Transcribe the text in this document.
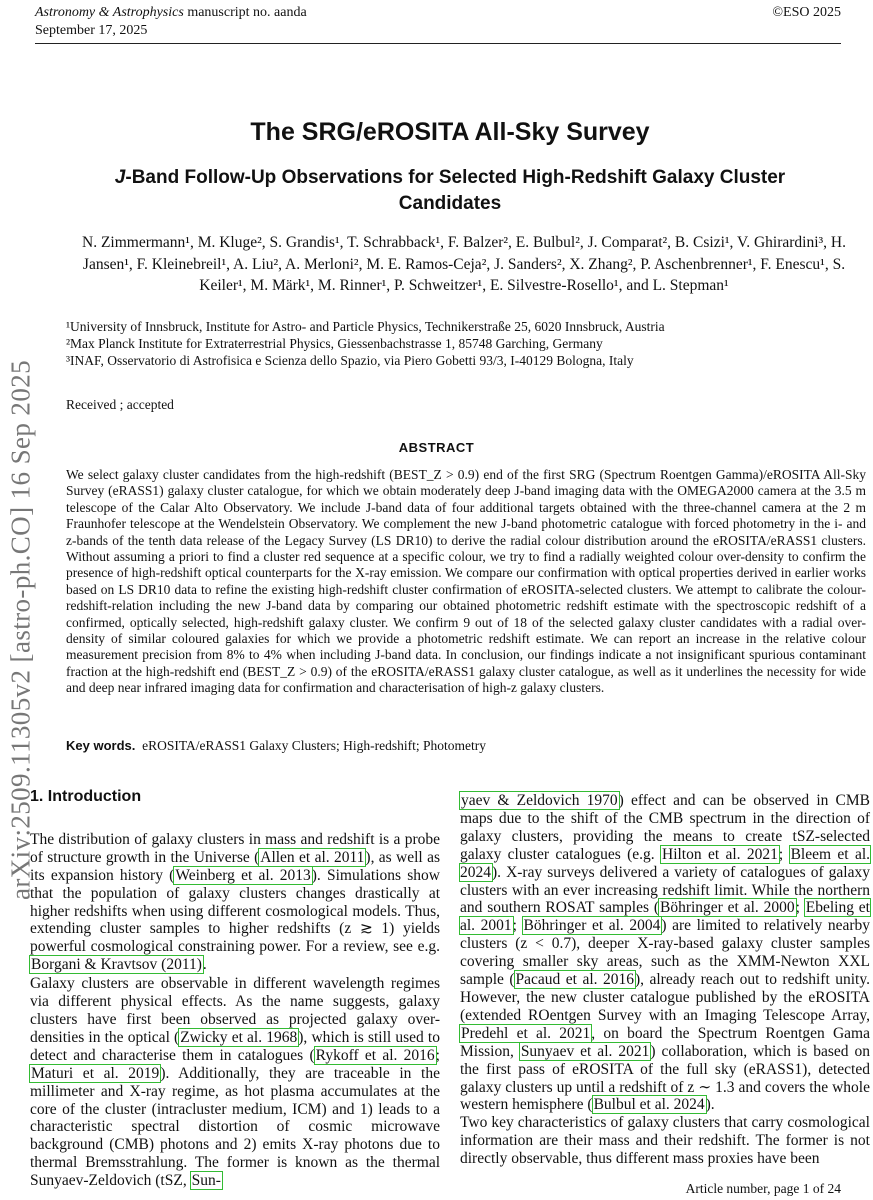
Astronomy & Astrophysics manuscript no. aanda
September 17, 2025
©ESO 2025
arXiv:2509.11305v2 [astro-ph.CO] 16 Sep 2025
The SRG/eROSITA All-Sky Survey
J-Band Follow-Up Observations for Selected High-Redshift Galaxy Cluster Candidates
N. Zimmermann¹, M. Kluge², S. Grandis¹, T. Schrabback¹, F. Balzer², E. Bulbul², J. Comparat², B. Csizi¹, V. Ghirardini³, H. Jansen¹, F. Kleinebreil¹, A. Liu², A. Merloni², M. E. Ramos-Ceja², J. Sanders², X. Zhang², P. Aschenbrenner¹, F. Enescu¹, S. Keiler¹, M. Märk¹, M. Rinner¹, P. Schweitzer¹, E. Silvestre-Rosello¹, and L. Stepman¹
¹University of Innsbruck, Institute for Astro- and Particle Physics, Technikerstraße 25, 6020 Innsbruck, Austria
²Max Planck Institute for Extraterrestrial Physics, Giessenbachstrasse 1, 85748 Garching, Germany
³INAF, Osservatorio di Astrofisica e Scienza dello Spazio, via Piero Gobetti 93/3, I-40129 Bologna, Italy
Received ; accepted
ABSTRACT
We select galaxy cluster candidates from the high-redshift (BEST_Z > 0.9) end of the first SRG (Spectrum Roentgen Gamma)/eROSITA All-Sky Survey (eRASS1) galaxy cluster catalogue, for which we obtain moderately deep J-band imaging data with the OMEGA2000 camera at the 3.5 m telescope of the Calar Alto Observatory. We include J-band data of four additional targets obtained with the three-channel camera at the 2 m Fraunhofer telescope at the Wendelstein Observatory. We complement the new J-band photometric catalogue with forced photometry in the i- and z-bands of the tenth data release of the Legacy Survey (LS DR10) to derive the radial colour distribution around the eROSITA/eRASS1 clusters. Without assuming a priori to find a cluster red sequence at a specific colour, we try to find a radially weighted colour over-density to confirm the presence of high-redshift optical counterparts for the X-ray emission. We compare our confirmation with optical properties derived in earlier works based on LS DR10 data to refine the existing high-redshift cluster confirmation of eROSITA-selected clusters. We attempt to calibrate the colour-redshift-relation including the new J-band data by comparing our obtained photometric redshift estimate with the spectroscopic redshift of a confirmed, optically selected, high-redshift galaxy cluster. We confirm 9 out of 18 of the selected galaxy cluster candidates with a radial over-density of similar coloured galaxies for which we provide a photometric redshift estimate. We can report an increase in the relative colour measurement precision from 8% to 4% when including J-band data. In conclusion, our findings indicate a not insignificant spurious contaminant fraction at the high-redshift end (BEST_Z > 0.9) of the eROSITA/eRASS1 galaxy cluster catalogue, as well as it underlines the necessity for wide and deep near infrared imaging data for confirmation and characterisation of high-z galaxy clusters.
Key words. eROSITA/eRASS1 Galaxy Clusters; High-redshift; Photometry
1. Introduction

The distribution of galaxy clusters in mass and redshift is a probe of structure growth in the Universe (Allen et al. 2011), as well as its expansion history (Weinberg et al. 2013). Simulations show that the population of galaxy clusters changes drastically at higher redshifts when using different cosmological models. Thus, extending cluster samples to higher redshifts (z ≳ 1) yields powerful cosmological constraining power. For a review, see e.g. Borgani & Kravtsov (2011).

Galaxy clusters are observable in different wavelength regimes via different physical effects. As the name suggests, galaxy clusters have first been observed as projected galaxy over-densities in the optical (Zwicky et al. 1968), which is still used to detect and characterise them in catalogues (Rykoff et al. 2016; Maturi et al. 2019). Additionally, they are traceable in the millimeter and X-ray regime, as hot plasma accumulates at the core of the cluster (intracluster medium, ICM) and 1) leads to a characteristic spectral distortion of cosmic microwave background (CMB) photons and 2) emits X-ray photons due to thermal Bremsstrahlung. The former is known as the thermal Sunyaev-Zeldovich (tSZ, Sun-

yaev & Zeldovich 1970) effect and can be observed in CMB maps due to the shift of the CMB spectrum in the direction of galaxy clusters, providing the means to create tSZ-selected galaxy cluster catalogues (e.g. Hilton et al. 2021; Bleem et al. 2024). X-ray surveys delivered a variety of catalogues of galaxy clusters with an ever increasing redshift limit. While the northern and southern ROSAT samples (Böhringer et al. 2000; Ebeling et al. 2001; Böhringer et al. 2004) are limited to relatively nearby clusters (z < 0.7), deeper X-ray-based galaxy cluster samples covering smaller sky areas, such as the XMM-Newton XXL sample (Pacaud et al. 2016), already reach out to redshift unity. However, the new cluster catalogue published by the eROSITA (extended ROentgen Survey with an Imaging Telescope Array, Predehl et al. 2021, on board the Spectrum Roentgen Gama Mission, Sunyaev et al. 2021) collaboration, which is based on the first pass of eROSITA of the full sky (eRASS1), detected galaxy clusters up until a redshift of z ∼ 1.3 and covers the whole western hemisphere (Bulbul et al. 2024).

Two key characteristics of galaxy clusters that carry cosmological information are their mass and their redshift. The former is not directly observable, thus different mass proxies have been

Article number, page 1 of 24
